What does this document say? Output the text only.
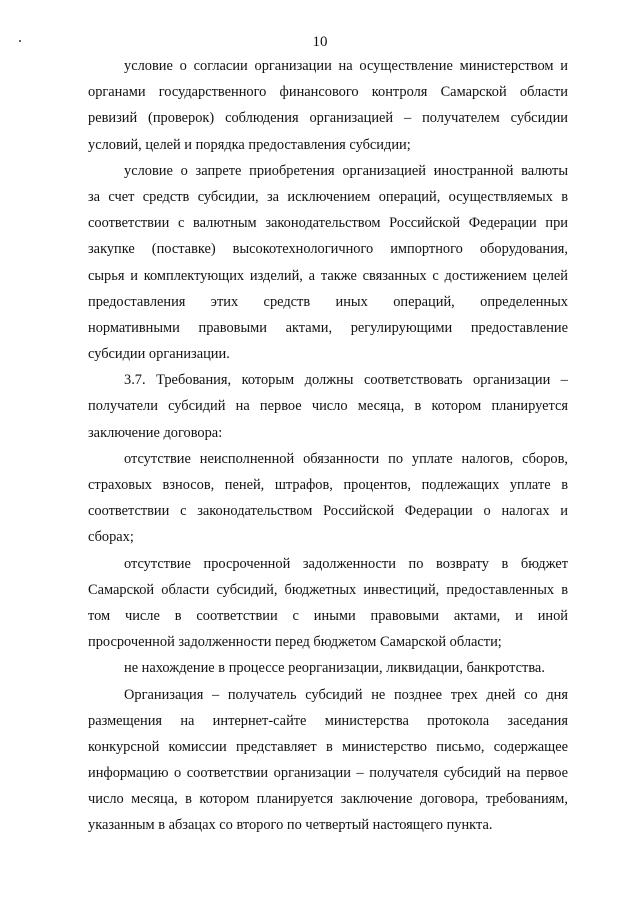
10
условие о согласии организации на осуществление министерством и
органами государственного финансового контроля Самарской области
ревизий (проверок) соблюдения организацией – получателем субсидии
условий, целей и порядка предоставления субсидии;
условие о запрете приобретения организацией иностранной валюты
за счет средств субсидии, за исключением операций, осуществляемых в
соответствии с валютным законодательством Российской Федерации при
закупке (поставке) высокотехнологичного импортного оборудования,
сырья и комплектующих изделий, а также связанных с достижением целей
предоставления этих средств иных операций, определенных
нормативными правовыми актами, регулирующими предоставление
субсидии организации.
3.7. Требования, которым должны соответствовать организации –
получатели субсидий на первое число месяца, в котором планируется
заключение договора:
отсутствие неисполненной обязанности по уплате налогов, сборов,
страховых взносов, пеней, штрафов, процентов, подлежащих уплате в
соответствии с законодательством Российской Федерации о налогах и
сборах;
отсутствие просроченной задолженности по возврату в бюджет
Самарской области субсидий, бюджетных инвестиций, предоставленных в
том числе в соответствии с иными правовыми актами, и иной
просроченной задолженности перед бюджетом Самарской области;
не нахождение в процессе реорганизации, ликвидации, банкротства.
Организация – получатель субсидий не позднее трех дней со дня
размещения на интернет-сайте министерства протокола заседания
конкурсной комиссии представляет в министерство письмо, содержащее
информацию о соответствии организации – получателя субсидий на первое
число месяца, в котором планируется заключение договора, требованиям,
указанным в абзацах со второго по четвертый настоящего пункта.
